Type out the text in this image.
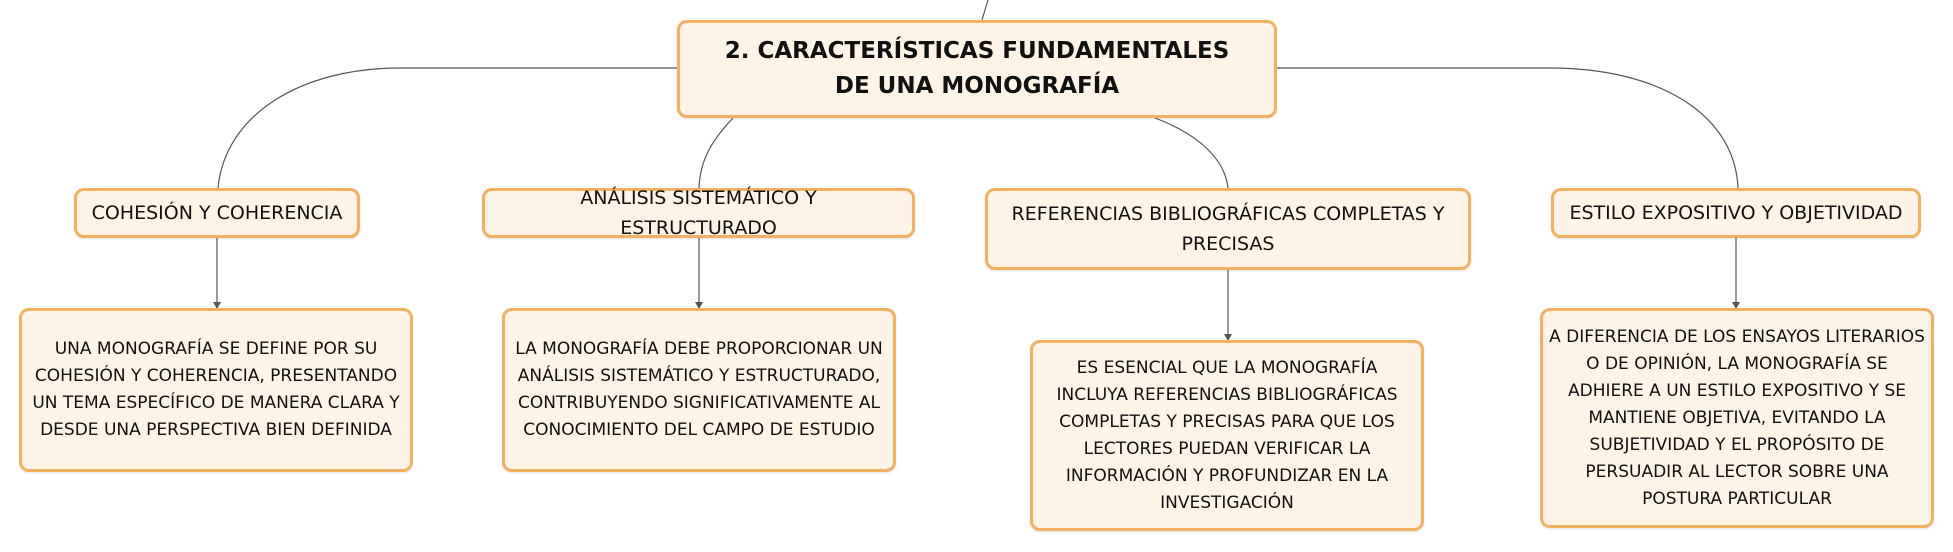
2. CARACTERÍSTICAS FUNDAMENTALES DE UNA MONOGRAFÍA
COHESIÓN Y COHERENCIA
ANÁLISIS SISTEMÁTICO Y ESTRUCTURADO
REFERENCIAS BIBLIOGRÁFICAS COMPLETAS Y PRECISAS
ESTILO EXPOSITIVO Y OBJETIVIDAD
UNA MONOGRAFÍA SE DEFINE POR SU COHESIÓN Y COHERENCIA, PRESENTANDO UN TEMA ESPECÍFICO DE MANERA CLARA Y DESDE UNA PERSPECTIVA BIEN DEFINIDA
LA MONOGRAFÍA DEBE PROPORCIONAR UN ANÁLISIS SISTEMÁTICO Y ESTRUCTURADO, CONTRIBUYENDO SIGNIFICATIVAMENTE AL CONOCIMIENTO DEL CAMPO DE ESTUDIO
ES ESENCIAL QUE LA MONOGRAFÍA INCLUYA REFERENCIAS BIBLIOGRÁFICAS COMPLETAS Y PRECISAS PARA QUE LOS LECTORES PUEDAN VERIFICAR LA INFORMACIÓN Y PROFUNDIZAR EN LA INVESTIGACIÓN
A DIFERENCIA DE LOS ENSAYOS LITERARIOS O DE OPINIÓN, LA MONOGRAFÍA SE ADHIERE A UN ESTILO EXPOSITIVO Y SE MANTIENE OBJETIVA, EVITANDO LA SUBJETIVIDAD Y EL PROPÓSITO DE PERSUADIR AL LECTOR SOBRE UNA POSTURA PARTICULAR
